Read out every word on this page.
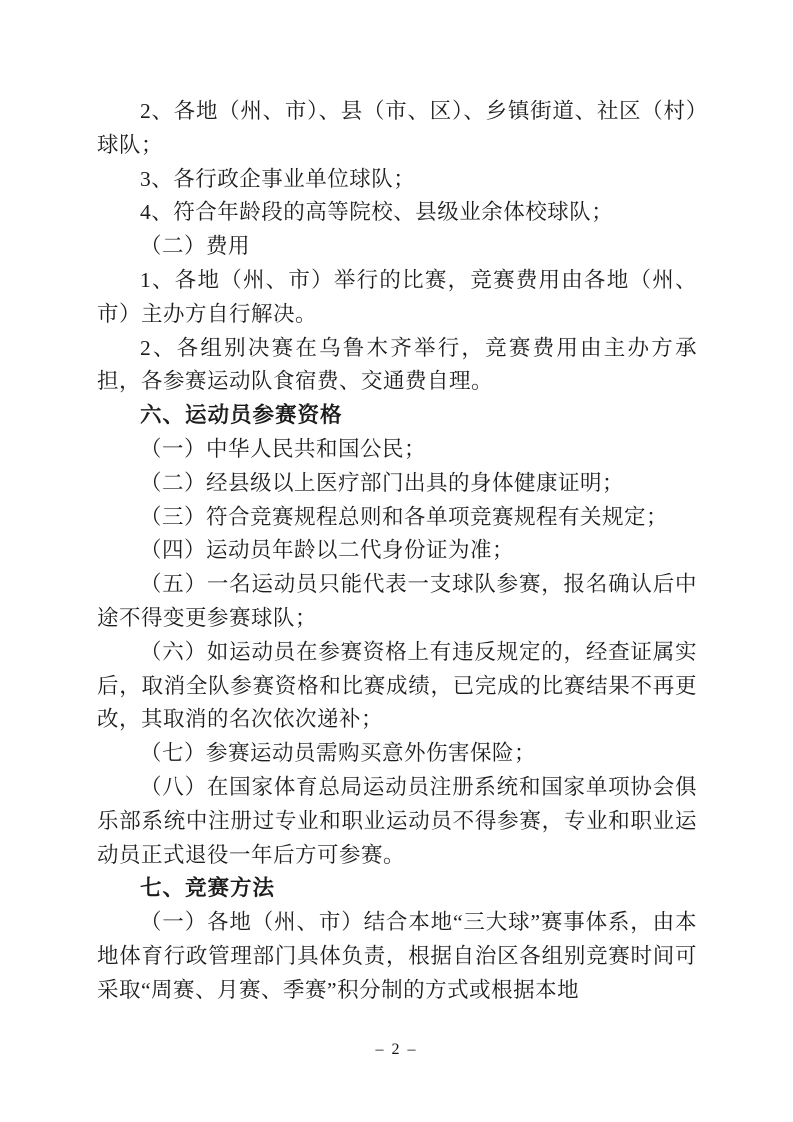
2、各地（州、市）、县（市、区）、乡镇街道、社区（村）球队；

3、各行政企事业单位球队；

4、符合年龄段的高等院校、县级业余体校球队；

（二）费用

1、各地（州、市）举行的比赛，竞赛费用由各地（州、市）主办方自行解决。

2、各组别决赛在乌鲁木齐举行，竞赛费用由主办方承担，各参赛运动队食宿费、交通费自理。

六、运动员参赛资格

（一）中华人民共和国公民；

（二）经县级以上医疗部门出具的身体健康证明；

（三）符合竞赛规程总则和各单项竞赛规程有关规定；

（四）运动员年龄以二代身份证为准；

（五）一名运动员只能代表一支球队参赛，报名确认后中途不得变更参赛球队；

（六）如运动员在参赛资格上有违反规定的，经查证属实后，取消全队参赛资格和比赛成绩，已完成的比赛结果不再更改，其取消的名次依次递补；

（七）参赛运动员需购买意外伤害保险；

（八）在国家体育总局运动员注册系统和国家单项协会俱乐部系统中注册过专业和职业运动员不得参赛，专业和职业运动员正式退役一年后方可参赛。

七、竞赛方法

（一）各地（州、市）结合本地“三大球”赛事体系，由本地体育行政管理部门具体负责，根据自治区各组别竞赛时间可采取“周赛、月赛、季赛”积分制的方式或根据本地

– 2 –
